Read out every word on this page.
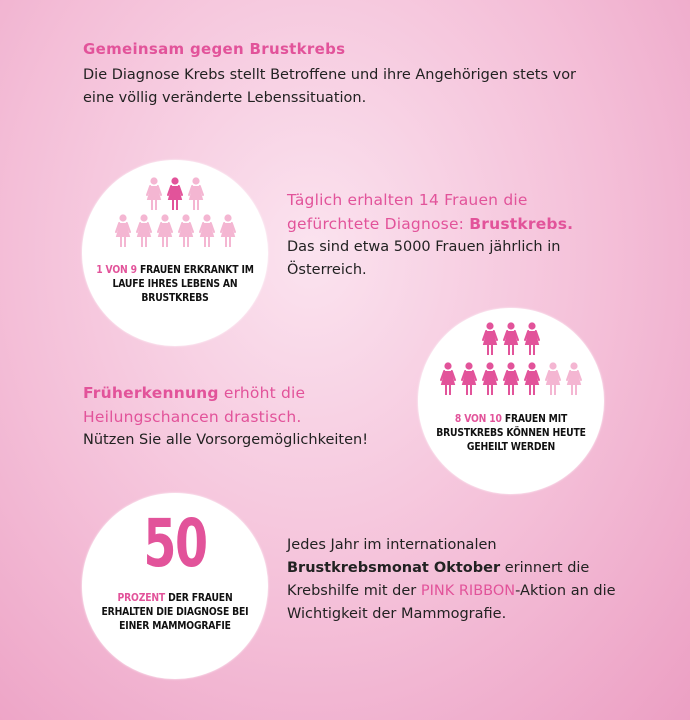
Gemeinsam gegen Brustkrebs

Die Diagnose Krebs stellt Betroffene und ihre Angehörigen stets vor eine völlig veränderte Lebenssituation.

1 VON 9 FRAUEN ERKRANKT IM LAUFE IHRES LEBENS AN BRUSTKREBS
Täglich erhalten 14 Frauen die gefürchtete Diagnose: Brustkrebs.
Das sind etwa 5000 Frauen jährlich in Österreich.
8 VON 10 FRAUEN MIT BRUSTKREBS KÖNNEN HEUTE GEHEILT WERDEN
Früherkennung erhöht die Heilungschancen drastisch.
Nützen Sie alle Vorsorgemöglichkeiten!
50
PROZENT DER FRAUEN ERHALTEN DIE DIAGNOSE BEI EINER MAMMOGRAFIE
Jedes Jahr im internationalen Brustkrebsmonat Oktober erinnert die Krebshilfe mit der PINK RIBBON-Aktion an die Wichtigkeit der Mammografie.
